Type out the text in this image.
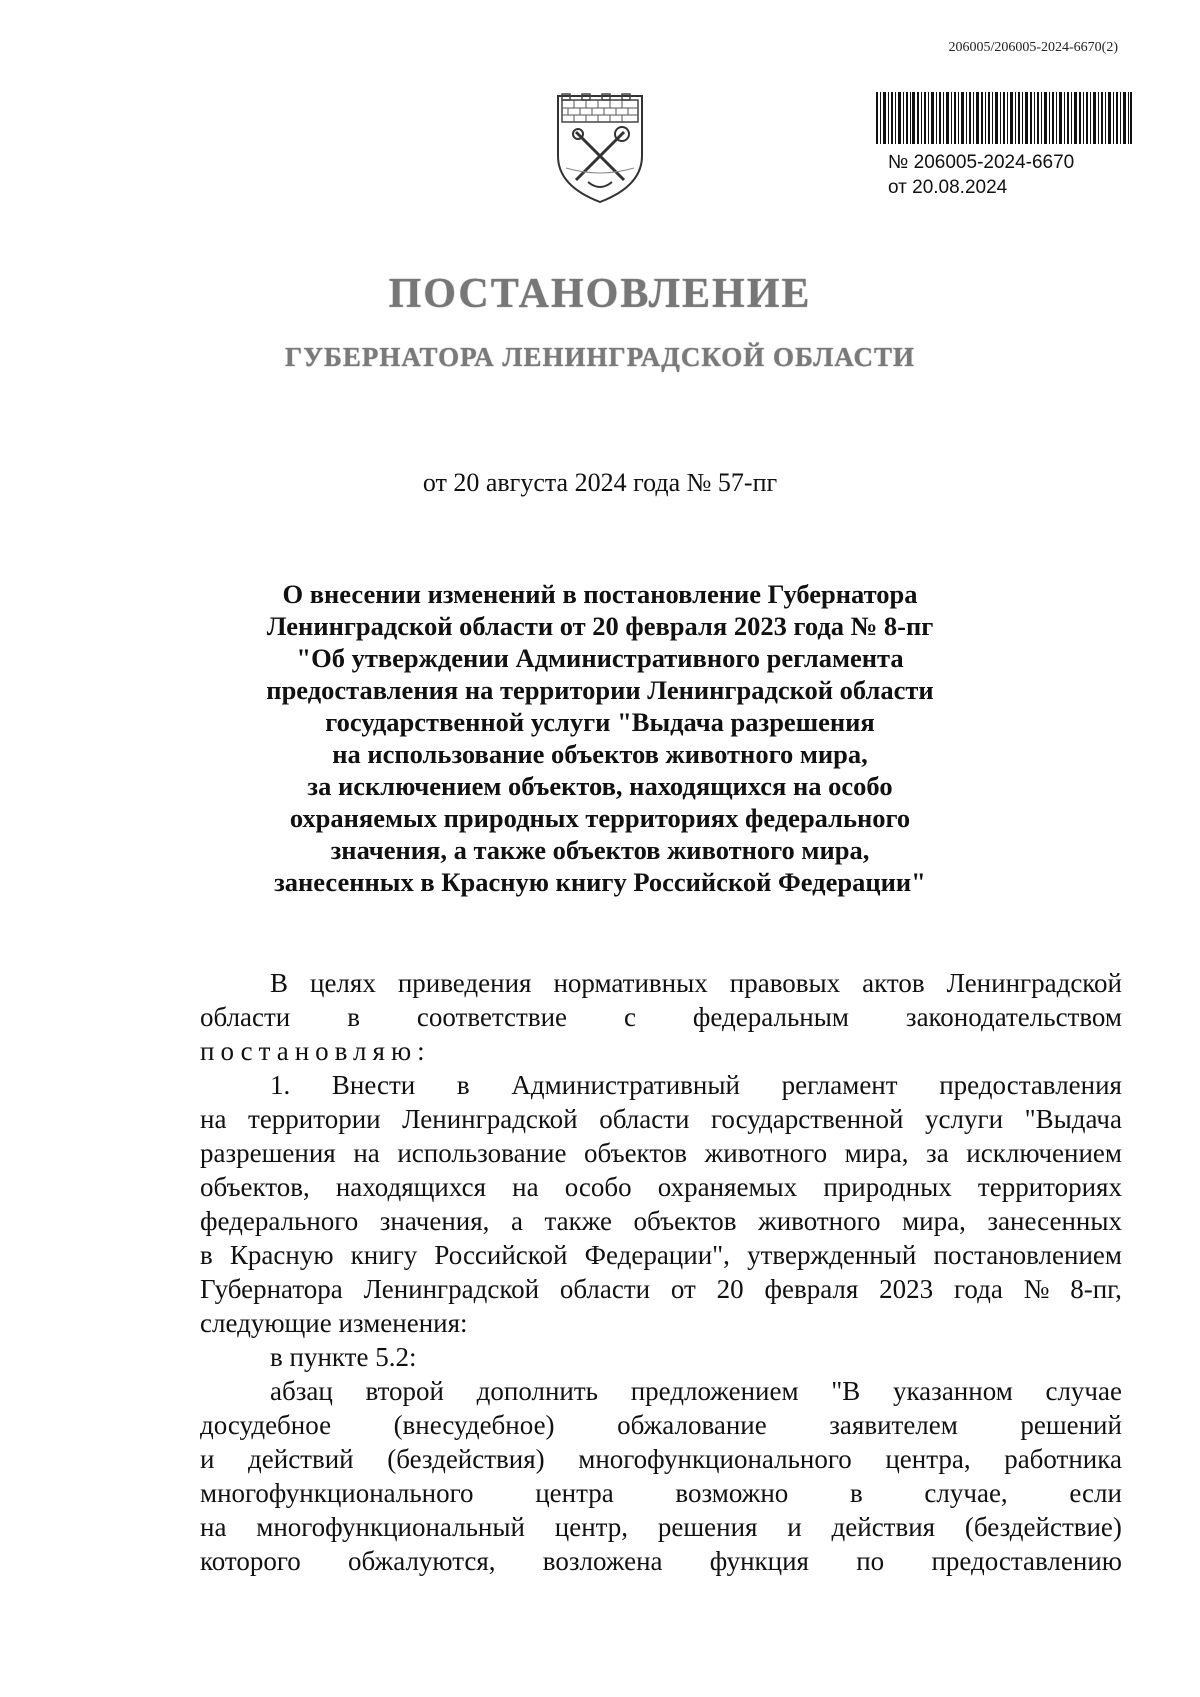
206005/206005-2024-6670(2)
№ 206005-2024-6670
от 20.08.2024
ПОСТАНОВЛЕНИЕ
ГУБЕРНАТОРА ЛЕНИНГРАДСКОЙ ОБЛАСТИ
от 20 августа 2024 года № 57-пг
О внесении изменений в постановление Губернатора
Ленинградской области от 20 февраля 2023 года № 8-пг
"Об утверждении Административного регламента
предоставления на территории Ленинградской области
государственной услуги "Выдача разрешения
на использование объектов животного мира,
за исключением объектов, находящихся на особо
охраняемых природных территориях федерального
значения, а также объектов животного мира,
занесенных в Красную книгу Российской Федерации"
В целях приведения нормативных правовых актов Ленинградской
области в соответствие с федеральным законодательством
постановляю:
1. Внести в Административный регламент предоставления
на территории Ленинградской области государственной услуги "Выдача
разрешения на использование объектов животного мира, за исключением
объектов, находящихся на особо охраняемых природных территориях
федерального значения, а также объектов животного мира, занесенных
в Красную книгу Российской Федерации", утвержденный постановлением
Губернатора Ленинградской области от 20 февраля 2023 года № 8-пг,
следующие изменения:
в пункте 5.2:
абзац второй дополнить предложением "В указанном случае
досудебное (внесудебное) обжалование заявителем решений
и действий (бездействия) многофункционального центра, работника
многофункционального центра возможно в случае, если
на многофункциональный центр, решения и действия (бездействие)
которого обжалуются, возложена функция по предоставлению
